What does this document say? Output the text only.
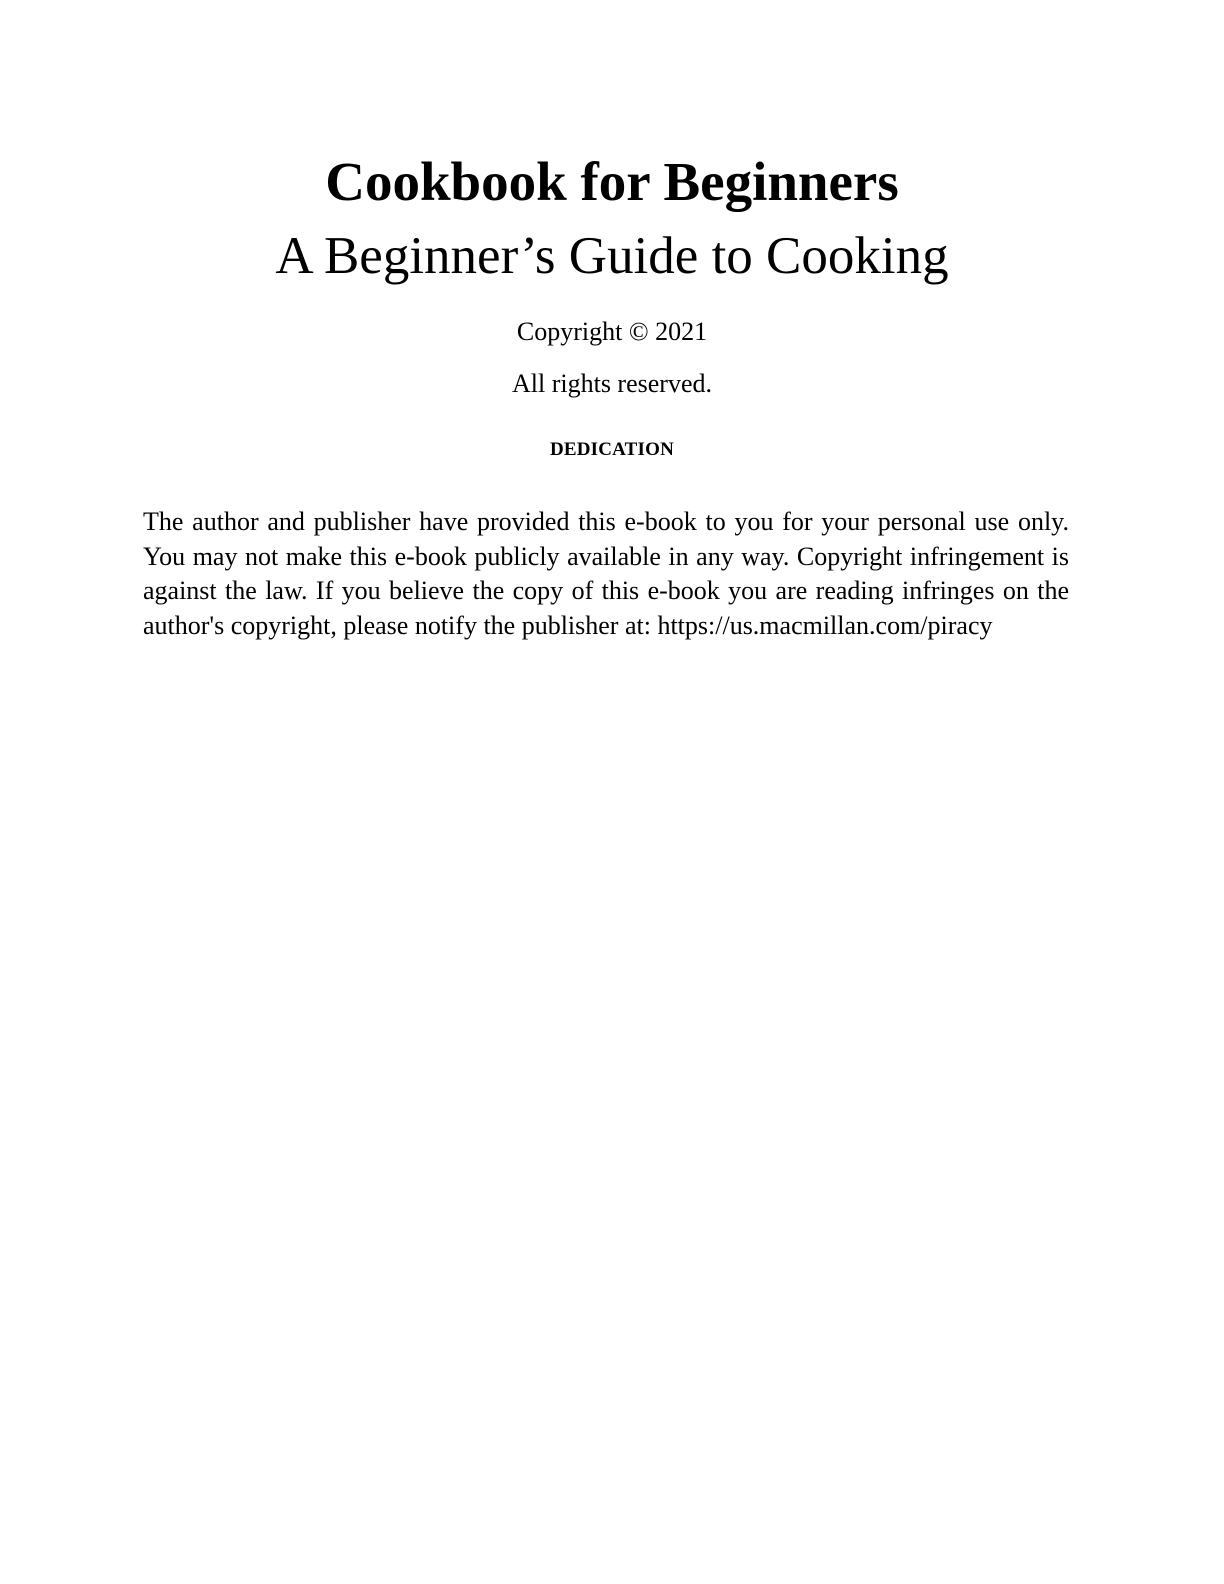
Cookbook for Beginners
A Beginner’s Guide to Cooking
Copyright © 2021
All rights reserved.
DEDICATION

The author and publisher have provided this e-book to you for your personal use only. You may not make this e-book publicly available in any way. Copyright infringement is against the law. If you believe the copy of this e-book you are reading infringes on the author's copyright, please notify the publisher at: https://us.macmillan.com/piracy
